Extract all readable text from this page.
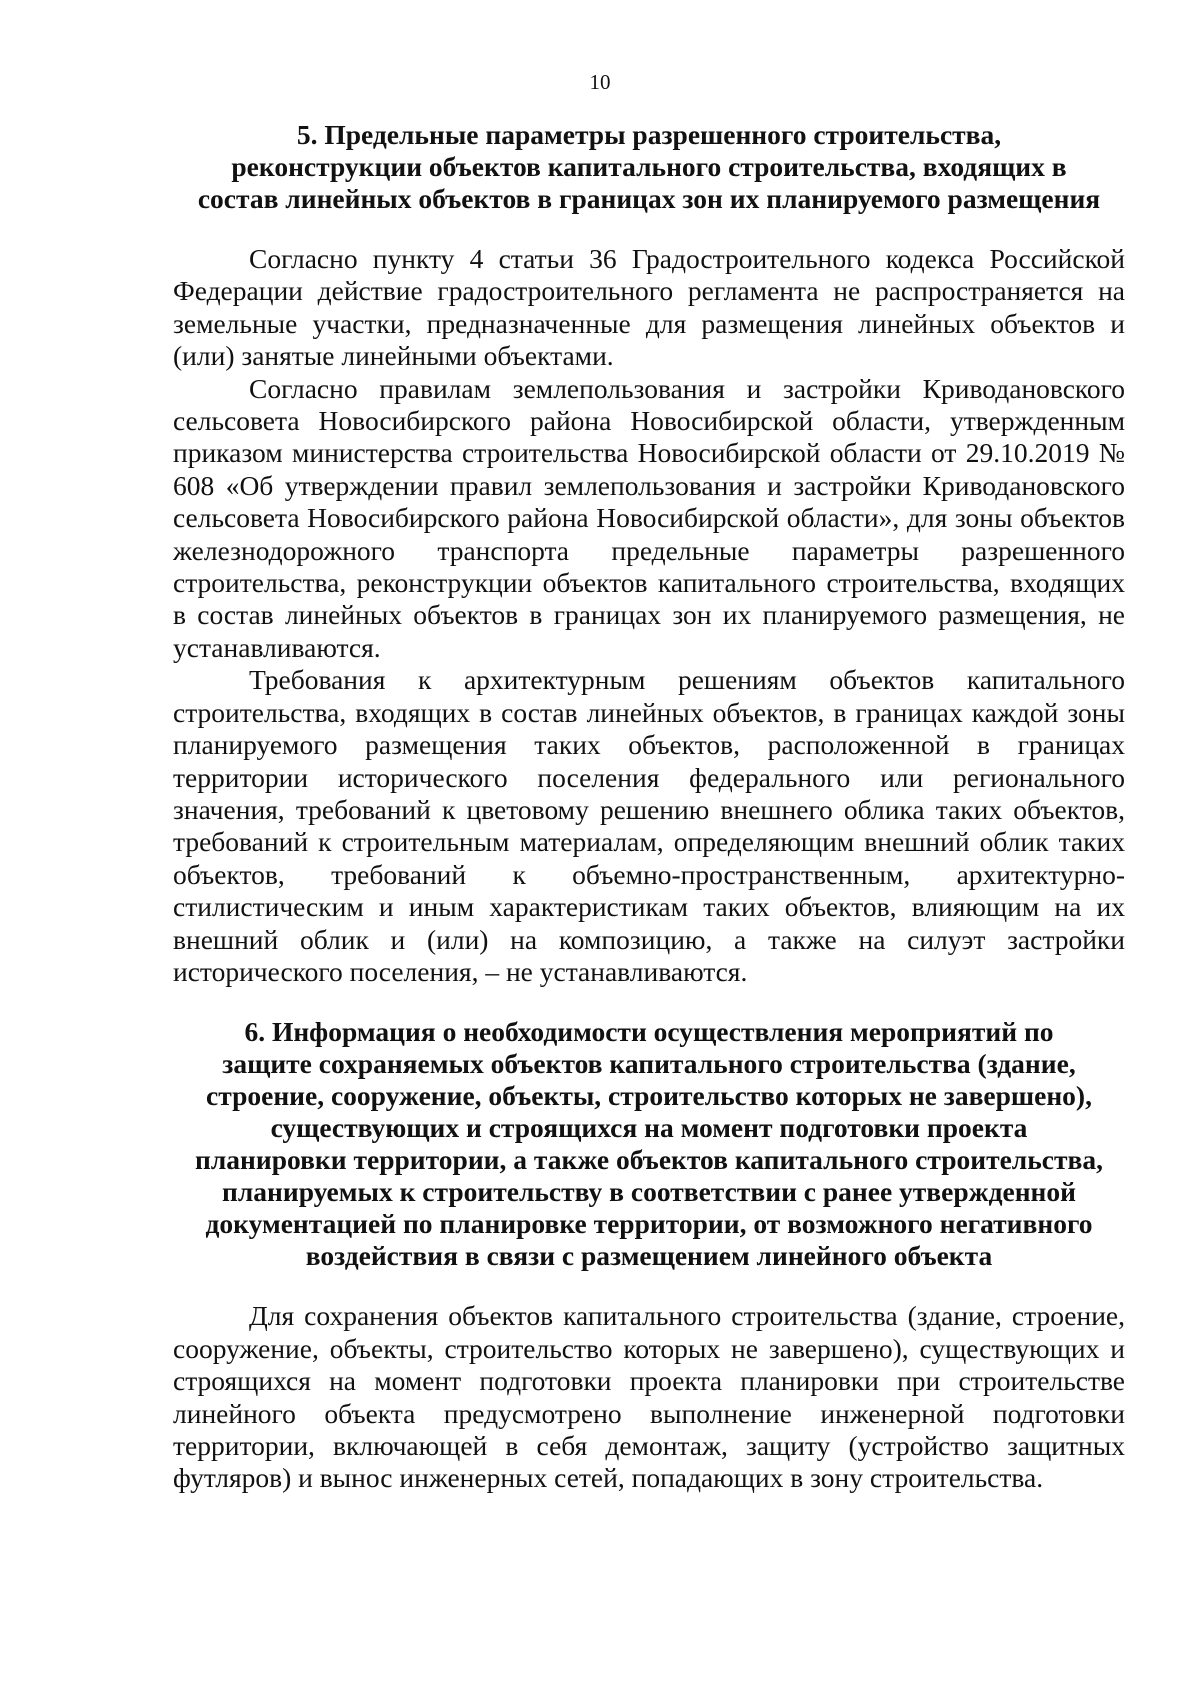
10

5. Предельные параметры разрешенного строительства,
реконструкции объектов капитального строительства, входящих в
состав линейных объектов в границах зон их планируемого размещения

Согласно пункту 4 статьи 36 Градостроительного кодекса Российской Федерации действие градостроительного регламента не распространяется на земельные участки, предназначенные для размещения линейных объектов и (или) занятые линейными объектами.

Согласно правилам землепользования и застройки Криводановского сельсовета Новосибирского района Новосибирской области, утвержденным приказом министерства строительства Новосибирской области от 29.10.2019 № 608 «Об утверждении правил землепользования и застройки Криводановского сельсовета Новосибирского района Новосибирской области», для зоны объектов железнодорожного транспорта предельные параметры разрешенного строительства, реконструкции объектов капитального строительства, входящих в состав линейных объектов в границах зон их планируемого размещения, не устанавливаются.

Требования к архитектурным решениям объектов капитального строительства, входящих в состав линейных объектов, в границах каждой зоны планируемого размещения таких объектов, расположенной в границах территории исторического поселения федерального или регионального значения, требований к цветовому решению внешнего облика таких объектов, требований к строительным материалам, определяющим внешний облик таких объектов, требований к объемно-пространственным, архитектурно-стилистическим и иным характеристикам таких объектов, влияющим на их внешний облик и (или) на композицию, а также на силуэт застройки исторического поселения, – не устанавливаются.

6. Информация о необходимости осуществления мероприятий по
защите сохраняемых объектов капитального строительства (здание,
строение, сооружение, объекты, строительство которых не завершено),
существующих и строящихся на момент подготовки проекта
планировки территории, а также объектов капитального строительства,
планируемых к строительству в соответствии с ранее утвержденной
документацией по планировке территории, от возможного негативного
воздействия в связи с размещением линейного объекта

Для сохранения объектов капитального строительства (здание, строение, сооружение, объекты, строительство которых не завершено), существующих и строящихся на момент подготовки проекта планировки при строительстве линейного объекта предусмотрено выполнение инженерной подготовки территории, включающей в себя демонтаж, защиту (устройство защитных футляров) и вынос инженерных сетей, попадающих в зону строительства.
